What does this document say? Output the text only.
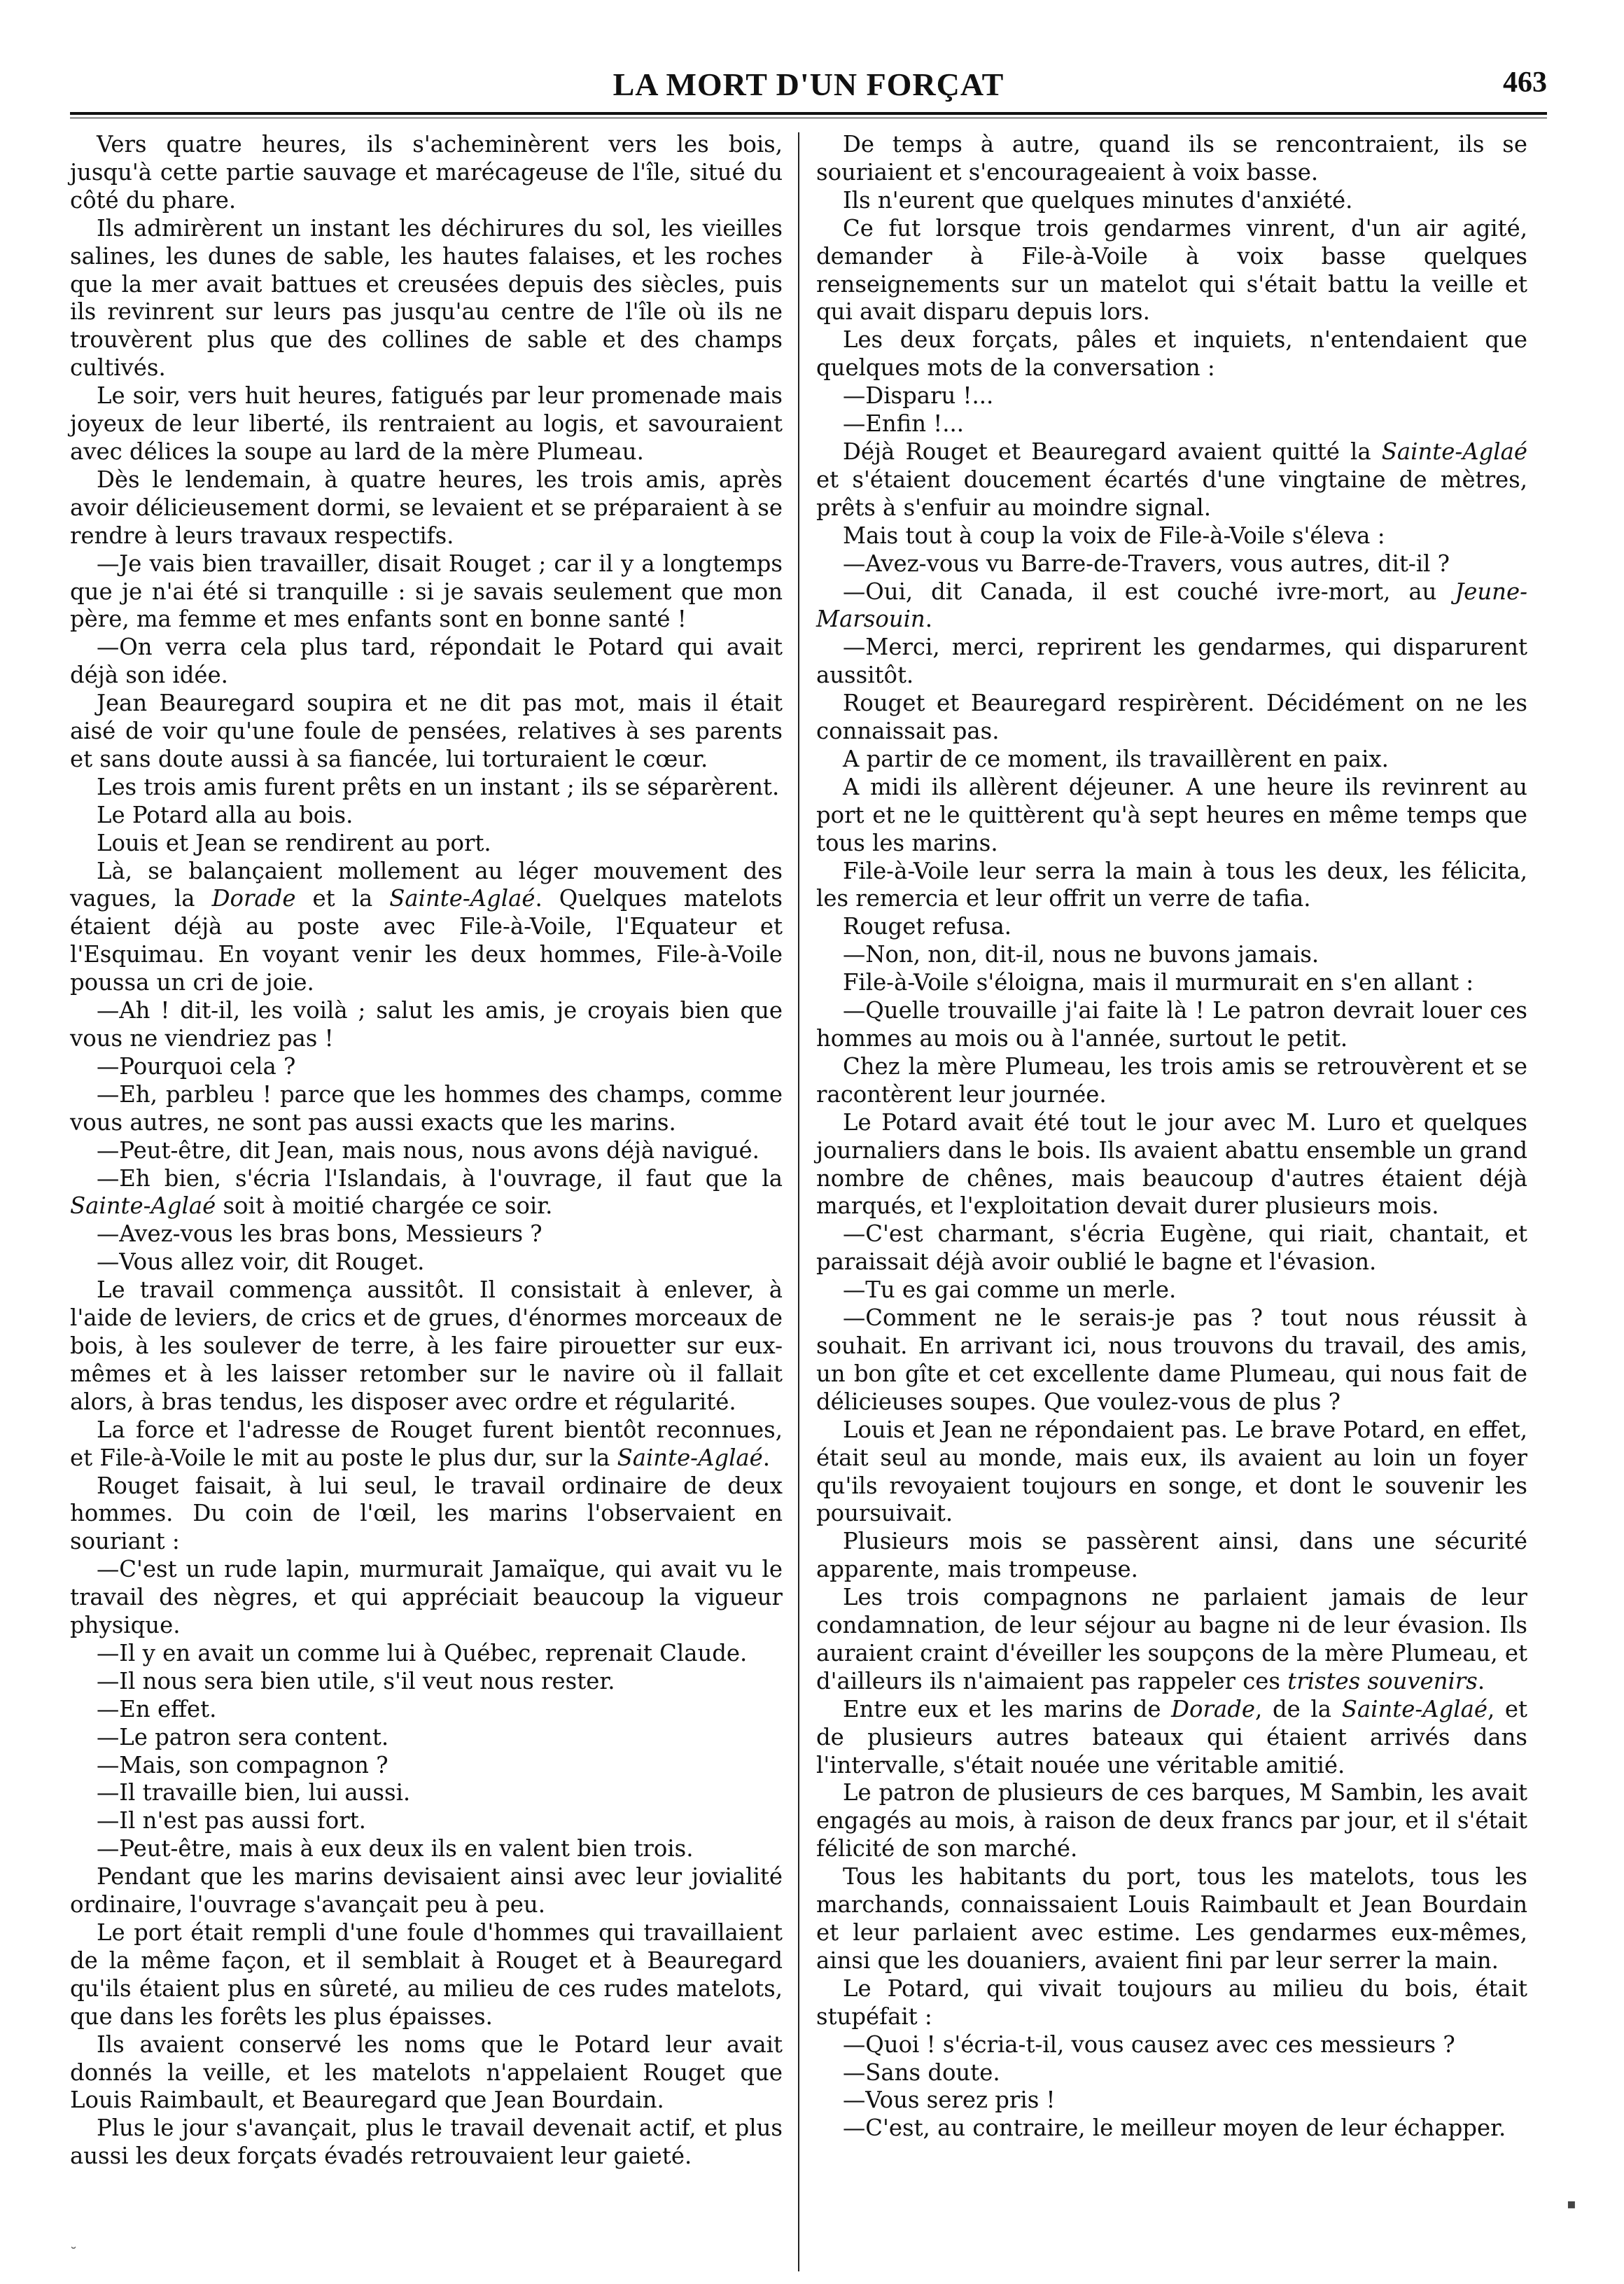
LA MORT D'UN FORÇAT	463

Vers quatre heures, ils s'acheminèrent vers les bois, jusqu'à cette partie sauvage et marécageuse de l'île, situé du côté du phare.

Ils admirèrent un instant les déchirures du sol, les vieilles salines, les dunes de sable, les hautes falaises, et les roches que la mer avait battues et creusées depuis des siècles, puis ils revinrent sur leurs pas jusqu'au centre de l'île où ils ne trouvèrent plus que des collines de sable et des champs cultivés.

Le soir, vers huit heures, fatigués par leur promenade mais joyeux de leur liberté, ils rentraient au logis, et savouraient avec délices la soupe au lard de la mère Plumeau.

Dès le lendemain, à quatre heures, les trois amis, après avoir délicieusement dormi, se levaient et se préparaient à se rendre à leurs travaux respectifs.

—Je vais bien travailler, disait Rouget ; car il y a longtemps que je n'ai été si tranquille : si je savais seulement que mon père, ma femme et mes enfants sont en bonne santé !

—On verra cela plus tard, répondait le Potard qui avait déjà son idée.

Jean Beauregard soupira et ne dit pas mot, mais il était aisé de voir qu'une foule de pensées, relatives à ses parents et sans doute aussi à sa fiancée, lui torturaient le cœur.

Les trois amis furent prêts en un instant ; ils se séparèrent.

Le Potard alla au bois.

Louis et Jean se rendirent au port.

Là, se balançaient mollement au léger mouvement des vagues, la Dorade et la Sainte-Aglaé. Quelques matelots étaient déjà au poste avec File-à-Voile, l'Equateur et l'Esquimau. En voyant venir les deux hommes, File-à-Voile poussa un cri de joie.

—Ah ! dit-il, les voilà ; salut les amis, je croyais bien que vous ne viendriez pas !

—Pourquoi cela ?

—Eh, parbleu ! parce que les hommes des champs, comme vous autres, ne sont pas aussi exacts que les marins.

—Peut-être, dit Jean, mais nous, nous avons déjà navigué.

—Eh bien, s'écria l'Islandais, à l'ouvrage, il faut que la Sainte-Aglaé soit à moitié chargée ce soir.

—Avez-vous les bras bons, Messieurs ?

—Vous allez voir, dit Rouget.

Le travail commença aussitôt. Il consistait à enlever, à l'aide de leviers, de crics et de grues, d'énormes morceaux de bois, à les soulever de terre, à les faire pirouetter sur eux-mêmes et à les laisser retomber sur le navire où il fallait alors, à bras tendus, les disposer avec ordre et régularité.

La force et l'adresse de Rouget furent bientôt reconnues, et File-à-Voile le mit au poste le plus dur, sur la Sainte-Aglaé.

Rouget faisait, à lui seul, le travail ordinaire de deux hommes. Du coin de l'œil, les marins l'observaient en souriant :

—C'est un rude lapin, murmurait Jamaïque, qui avait vu le travail des nègres, et qui appréciait beaucoup la vigueur physique.

—Il y en avait un comme lui à Québec, reprenait Claude.

—Il nous sera bien utile, s'il veut nous rester.

—En effet.

—Le patron sera content.

—Mais, son compagnon ?

—Il travaille bien, lui aussi.

—Il n'est pas aussi fort.

—Peut-être, mais à eux deux ils en valent bien trois.

Pendant que les marins devisaient ainsi avec leur jovialité ordinaire, l'ouvrage s'avançait peu à peu.

Le port était rempli d'une foule d'hommes qui travaillaient de la même façon, et il semblait à Rouget et à Beauregard qu'ils étaient plus en sûreté, au milieu de ces rudes matelots, que dans les forêts les plus épaisses.

Ils avaient conservé les noms que le Potard leur avait donnés la veille, et les matelots n'appelaient Rouget que Louis Raimbault, et Beauregard que Jean Bourdain.

Plus le jour s'avançait, plus le travail devenait actif, et plus aussi les deux forçats évadés retrouvaient leur gaieté.

De temps à autre, quand ils se rencontraient, ils se souriaient et s'encourageaient à voix basse.

Ils n'eurent que quelques minutes d'anxiété.

Ce fut lorsque trois gendarmes vinrent, d'un air agité, demander à File-à-Voile à voix basse quelques renseignements sur un matelot qui s'était battu la veille et qui avait disparu depuis lors.

Les deux forçats, pâles et inquiets, n'entendaient que quelques mots de la conversation :

—Disparu !...

—Enfin !...

Déjà Rouget et Beauregard avaient quitté la Sainte-Aglaé et s'étaient doucement écartés d'une vingtaine de mètres, prêts à s'enfuir au moindre signal.

Mais tout à coup la voix de File-à-Voile s'éleva :

—Avez-vous vu Barre-de-Travers, vous autres, dit-il ?

—Oui, dit Canada, il est couché ivre-mort, au Jeune-Marsouin.

—Merci, merci, reprirent les gendarmes, qui disparurent aussitôt.

Rouget et Beauregard respirèrent. Décidément on ne les connaissait pas.

A partir de ce moment, ils travaillèrent en paix.

A midi ils allèrent déjeuner. A une heure ils revinrent au port et ne le quittèrent qu'à sept heures en même temps que tous les marins.

File-à-Voile leur serra la main à tous les deux, les félicita, les remercia et leur offrit un verre de tafia.

Rouget refusa.

—Non, non, dit-il, nous ne buvons jamais.

File-à-Voile s'éloigna, mais il murmurait en s'en allant :

—Quelle trouvaille j'ai faite là ! Le patron devrait louer ces hommes au mois ou à l'année, surtout le petit.

Chez la mère Plumeau, les trois amis se retrouvèrent et se racontèrent leur journée.

Le Potard avait été tout le jour avec M. Luro et quelques journaliers dans le bois. Ils avaient abattu ensemble un grand nombre de chênes, mais beaucoup d'autres étaient déjà marqués, et l'exploitation devait durer plusieurs mois.

—C'est charmant, s'écria Eugène, qui riait, chantait, et paraissait déjà avoir oublié le bagne et l'évasion.

—Tu es gai comme un merle.

—Comment ne le serais-je pas ? tout nous réussit à souhait. En arrivant ici, nous trouvons du travail, des amis, un bon gîte et cet excellente dame Plumeau, qui nous fait de délicieuses soupes. Que voulez-vous de plus ?

Louis et Jean ne répondaient pas. Le brave Potard, en effet, était seul au monde, mais eux, ils avaient au loin un foyer qu'ils revoyaient toujours en songe, et dont le souvenir les poursuivait.

Plusieurs mois se passèrent ainsi, dans une sécurité apparente, mais trompeuse.

Les trois compagnons ne parlaient jamais de leur condamnation, de leur séjour au bagne ni de leur évasion. Ils auraient craint d'éveiller les soupçons de la mère Plumeau, et d'ailleurs ils n'aimaient pas rappeler ces tristes souvenirs.

Entre eux et les marins de Dorade, de la Sainte-Aglaé, et de plusieurs autres bateaux qui étaient arrivés dans l'intervalle, s'était nouée une véritable amitié.

Le patron de plusieurs de ces barques, M Sambin, les avait engagés au mois, à raison de deux francs par jour, et il s'était félicité de son marché.

Tous les habitants du port, tous les matelots, tous les marchands, connaissaient Louis Raimbault et Jean Bourdain et leur parlaient avec estime. Les gendarmes eux-mêmes, ainsi que les douaniers, avaient fini par leur serrer la main.

Le Potard, qui vivait toujours au milieu du bois, était stupéfait :

—Quoi ! s'écria-t-il, vous causez avec ces messieurs ?

—Sans doute.

—Vous serez pris !

—C'est, au contraire, le meilleur moyen de leur échapper.

˘
▪
